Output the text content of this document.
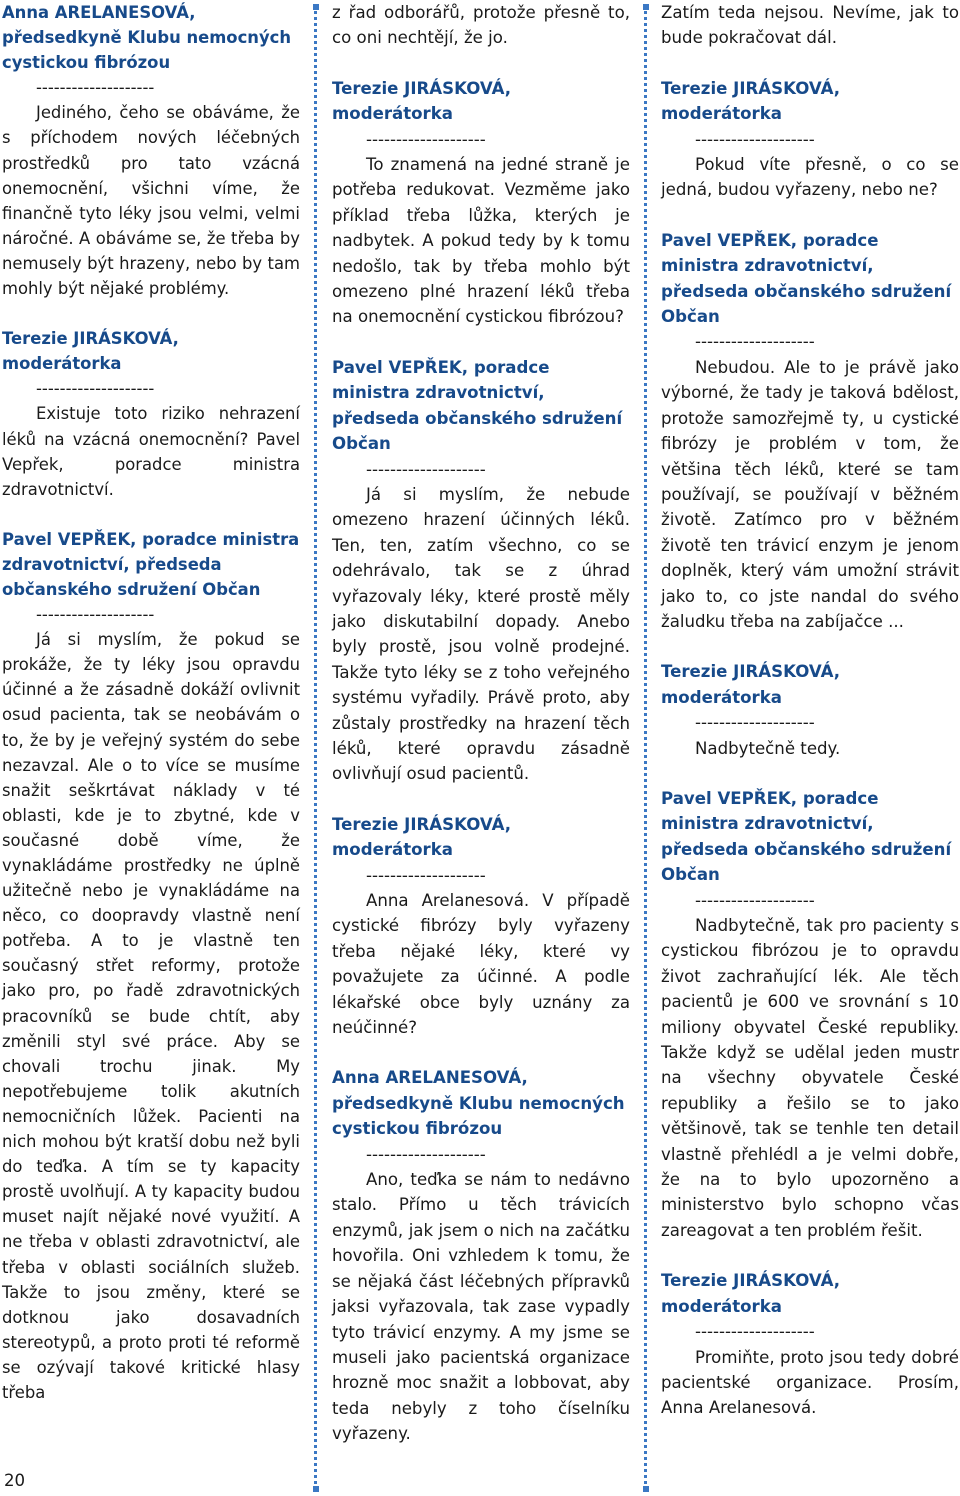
Anna ARELANESOVÁ, předsedkyně Klubu nemocných cystickou fibrózou
--------------------

Jediného, čeho se obáváme, že s příchodem nových léčebných prostředků pro tato vzácná onemocnění, všichni víme, že finančně tyto léky jsou velmi, velmi náročné. A obáváme se, že třeba by nemusely být hrazeny, nebo by tam mohly být nějaké problémy.

Terezie JIRÁSKOVÁ, moderátorka
--------------------

Existuje toto riziko nehrazení léků na vzácná onemocnění? Pavel Vepřek, poradce ministra zdravotnictví.

Pavel VEPŘEK, poradce ministra zdravotnictví, předseda občanského sdružení Občan
--------------------

Já si myslím, že pokud se prokáže, že ty léky jsou opravdu účinné a že zásadně dokáží ovlivnit osud pacienta, tak se neobávám o to, že by je veřejný systém do sebe nezavzal. Ale o to více se musíme snažit seškrtávat náklady v té oblasti, kde je to zbytné, kde v současné době víme, že vynakládáme prostředky ne úplně užitečně nebo je vynakládáme na něco, co doopravdy vlastně není potřeba. A to je vlastně ten současný střet reformy, protože jako pro, po řadě zdravotnických pracovníků se bude chtít, aby změnili styl své práce. Aby se chovali trochu jinak. My nepotřebujeme tolik akutních nemocničních lůžek. Pacienti na nich mohou být kratší dobu než byli do teďka. A tím se ty kapacity prostě uvolňují. A ty kapacity budou muset najít nějaké nové využití. A ne třeba v oblasti zdravotnictví, ale třeba v oblasti sociálních služeb. Takže to jsou změny, které se dotknou jako dosavadních stereotypů, a proto proti té reformě se ozývají takové kritické hlasy třeba

z řad odborářů, protože přesně to, co oni nechtějí, že jo.

Terezie JIRÁSKOVÁ, moderátorka
--------------------

To znamená na jedné straně je potřeba redukovat. Vezměme jako příklad třeba lůžka, kterých je nadbytek. A pokud tedy by k tomu nedošlo, tak by třeba mohlo být omezeno plné hrazení léků třeba na onemocnění cystickou fibrózou?

Pavel VEPŘEK, poradce ministra zdravotnictví, předseda občanského sdružení Občan
--------------------

Já si myslím, že nebude omezeno hrazení účinných léků. Ten, ten, zatím všechno, co se odehrávalo, tak se z úhrad vyřazovaly léky, které prostě měly jako diskutabilní dopady. Anebo byly prostě, jsou volně prodejné. Takže tyto léky se z toho veřejného systému vyřadily. Právě proto, aby zůstaly prostředky na hrazení těch léků, které opravdu zásadně ovlivňují osud pacientů.

Terezie JIRÁSKOVÁ, moderátorka
--------------------

Anna Arelanesová. V případě cystické fibrózy byly vyřazeny třeba nějaké léky, které vy považujete za účinné. A podle lékařské obce byly uznány za neúčinné?

Anna ARELANESOVÁ, předsedkyně Klubu nemocných cystickou fibrózou
--------------------

Ano, teďka se nám to nedávno stalo. Přímo u těch trávicích enzymů, jak jsem o nich na začátku hovořila. Oni vzhledem k tomu, že se nějaká část léčebných přípravků jaksi vyřazovala, tak zase vypadly tyto trávicí enzymy. A my jsme se museli jako pacientská organizace hrozně moc snažit a lobbovat, aby teda nebyly z toho číselníku vyřazeny.

Zatím teda nejsou. Nevíme, jak to bude pokračovat dál.

Terezie JIRÁSKOVÁ, moderátorka
--------------------

Pokud víte přesně, o co se jedná, budou vyřazeny, nebo ne?

Pavel VEPŘEK, poradce ministra zdravotnictví, předseda občanského sdružení Občan
--------------------

Nebudou. Ale to je právě jako výborné, že tady je taková bdělost, protože samozřejmě ty, u cystické fibrózy je problém v tom, že většina těch léků, které se tam používají, se používají v běžném životě. Zatímco pro v běžném životě ten trávicí enzym je jenom doplněk, který vám umožní strávit jako to, co jste nandal do svého žaludku třeba na zabíjačce ...

Terezie JIRÁSKOVÁ, moderátorka
--------------------

Nadbytečně tedy.

Pavel VEPŘEK, poradce ministra zdravotnictví, předseda občanského sdružení Občan
--------------------

Nadbytečně, tak pro pacienty s cystickou fibrózou je to opravdu život zachraňující lék. Ale těch pacientů je 600 ve srovnání s 10 miliony obyvatel České republiky. Takže když se udělal jeden mustr na všechny obyvatele České republiky a řešilo se to jako většinově, tak se tenhle ten detail vlastně přehlédl a je velmi dobře, že na to bylo upozorněno a ministerstvo bylo schopno včas zareagovat a ten problém řešit.

Terezie JIRÁSKOVÁ, moderátorka
--------------------

Promiňte, proto jsou tedy dobré pacientské organizace. Prosím, Anna Arelanesová.

20
